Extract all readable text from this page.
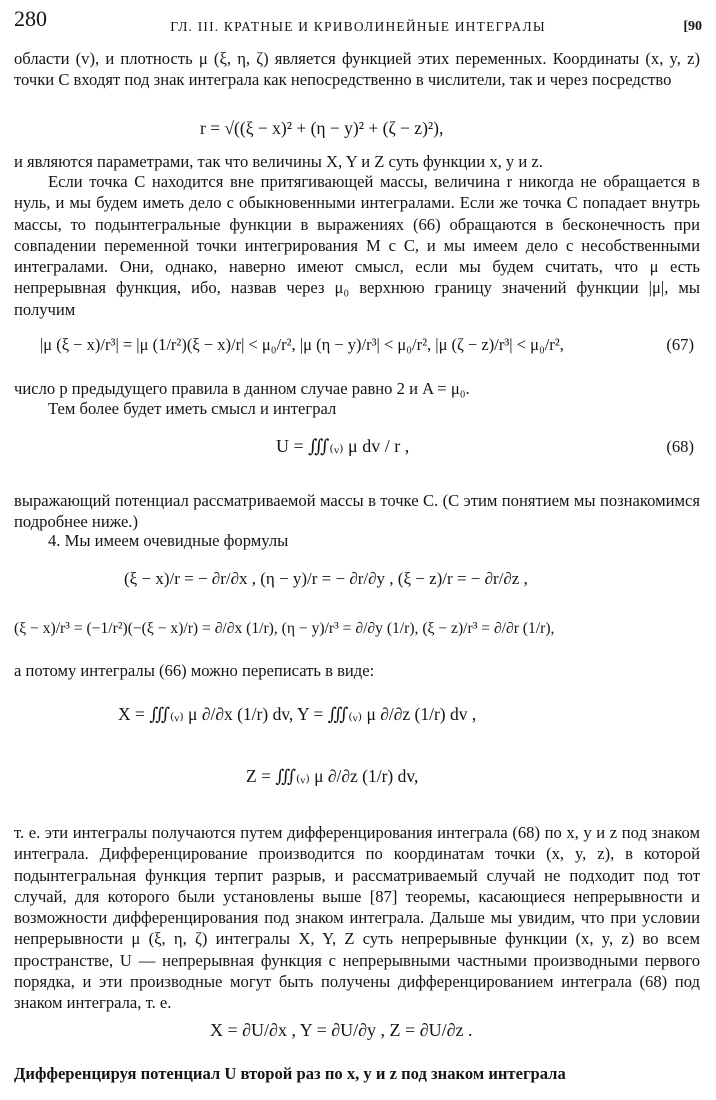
280	ГЛ. III. КРАТНЫЕ И КРИВОЛИНЕЙНЫЕ ИНТЕГРАЛЫ	[90

области (v), и плотность μ (ξ, η, ζ) является функцией этих переменных. Координаты (x, y, z) точки C входят под знак интеграла как непосредственно в числители, так и через посредство

r = √((ξ − x)² + (η − y)² + (ζ − z)²),

и являются параметрами, так что величины X, Y и Z суть функции x, y и z.

Если точка C находится вне притягивающей массы, величина r никогда не обращается в нуль, и мы будем иметь дело с обыкновенными интегралами. Если же точка C попадает внутрь массы, то подынтегральные функции в выражениях (66) обращаются в бесконечность при совпадении переменной точки интегрирования M с C, и мы имеем дело с несобственными интегралами. Они, однако, наверно имеют смысл, если мы будем считать, что μ есть непрерывная функция, ибо, назвав через μ₀ верхнюю границу значений функции |μ|, мы получим

|μ (ξ − x)/r³| = |μ (1/r²)(ξ − x)/r| < μ₀/r², |μ (η − y)/r³| < μ₀/r², |μ (ζ − z)/r³| < μ₀/r²,	(67)

число p предыдущего правила в данном случае равно 2 и A = μ₀.

Тем более будет иметь смысл и интеграл

U = ∭₍ᵥ₎ μ dv / r ,	(68)

выражающий потенциал рассматриваемой массы в точке C. (С этим понятием мы познакомимся подробнее ниже.)

4. Мы имеем очевидные формулы

(ξ − x)/r = − ∂r/∂x , (η − y)/r = − ∂r/∂y , (ξ − z)/r = − ∂r/∂z ,
(ξ − x)/r³ = (−1/r²)(−(ξ − x)/r) = ∂/∂x (1/r), (η − y)/r³ = ∂/∂y (1/r), (ξ − z)/r³ = ∂/∂r (1/r),

а потому интегралы (66) можно переписать в виде:

X = ∭₍ᵥ₎ μ ∂/∂x (1/r) dv, Y = ∭₍ᵥ₎ μ ∂/∂z (1/r) dv ,
Z = ∭₍ᵥ₎ μ ∂/∂z (1/r) dv,

т. е. эти интегралы получаются путем дифференцирования интеграла (68) по x, y и z под знаком интеграла. Дифференцирование производится по координатам точки (x, y, z), в которой подынтегральная функция терпит разрыв, и рассматриваемый случай не подходит под тот случай, для которого были установлены выше [87] теоремы, касающиеся непрерывности и возможности дифференцирования под знаком интеграла. Дальше мы увидим, что при условии непрерывности μ (ξ, η, ζ) интегралы X, Y, Z суть непрерывные функции (x, y, z) во всем пространстве, U — непрерывная функция с непрерывными частными производными первого порядка, и эти производные могут быть получены дифференцированием интеграла (68) под знаком интеграла, т. е.

X = ∂U/∂x , Y = ∂U/∂y , Z = ∂U/∂z .

Дифференцируя потенциал U второй раз по x, y и z под знаком интеграла
